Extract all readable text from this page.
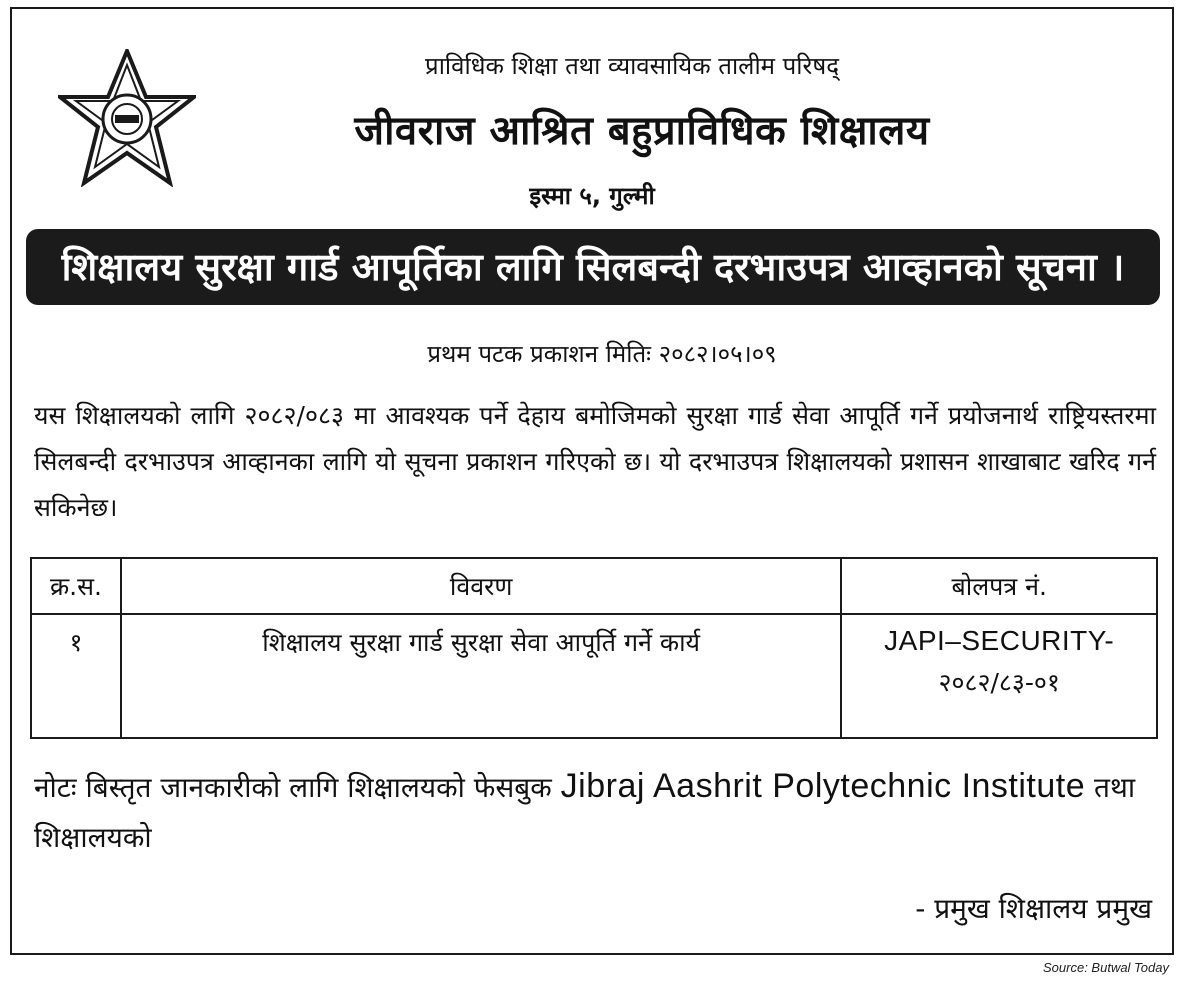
प्राविधिक शिक्षा तथा व्यावसायिक तालीम परिषद्
जीवराज आश्रित बहुप्राविधिक शिक्षालय
इस्मा ५, गुल्मी
शिक्षालय सुरक्षा गार्ड आपूर्तिका लागि सिलबन्दी दरभाउपत्र आव्हानको सूचना ।
प्रथम पटक प्रकाशन मितिः २०८२।०५।०९
यस शिक्षालयको लागि २०८२/०८३ मा आवश्यक पर्ने देहाय बमोजिमको सुरक्षा गार्ड सेवा आपूर्ति गर्ने प्रयोजनार्थ राष्ट्रियस्तरमा सिलबन्दी दरभाउपत्र आव्हानका लागि यो सूचना प्रकाशन गरिएको छ। यो दरभाउपत्र शिक्षालयको प्रशासन शाखाबाट खरिद गर्न सकिनेछ।
क्र.स.	विवरण	बोलपत्र नं.
१	शिक्षालय सुरक्षा गार्ड सुरक्षा सेवा आपूर्ति गर्ने कार्य	JAPI–SECURITY-
२०८२/८३-०१
नोटः बिस्तृत जानकारीको लागि शिक्षालयको फेसबुक Jibraj Aashrit Polytechnic Institute तथा शिक्षालयको
- प्रमुख शिक्षालय प्रमुख
Source: Butwal Today
